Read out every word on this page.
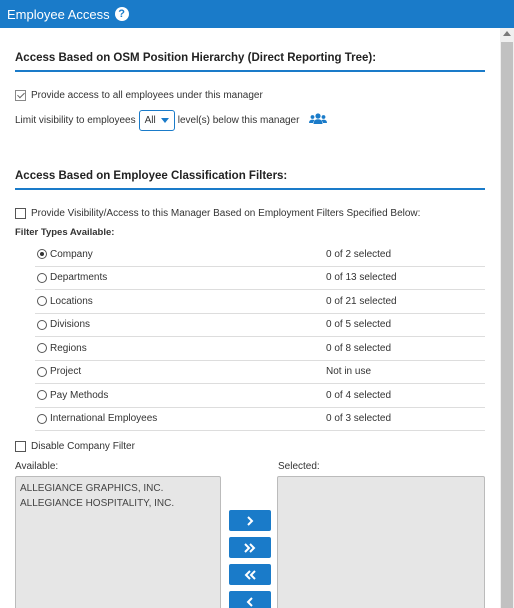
Employee Access ?
Access Based on OSM Position Hierarchy (Direct Reporting Tree):
Provide access to all employees under this manager
Limit visibility to employees All level(s) below this manager
Access Based on Employee Classification Filters:
Provide Visibility/Access to this Manager Based on Employment Filters Specified Below:
Filter Types Available:
Company	0 of 2 selected
Departments	0 of 13 selected
Locations	0 of 21 selected
Divisions	0 of 5 selected
Regions	0 of 8 selected
Project	Not in use
Pay Methods	0 of 4 selected
International Employees	0 of 3 selected
Disable Company Filter
Available:	Selected:
ALLEGIANCE GRAPHICS, INC.
ALLEGIANCE HOSPITALITY, INC.
